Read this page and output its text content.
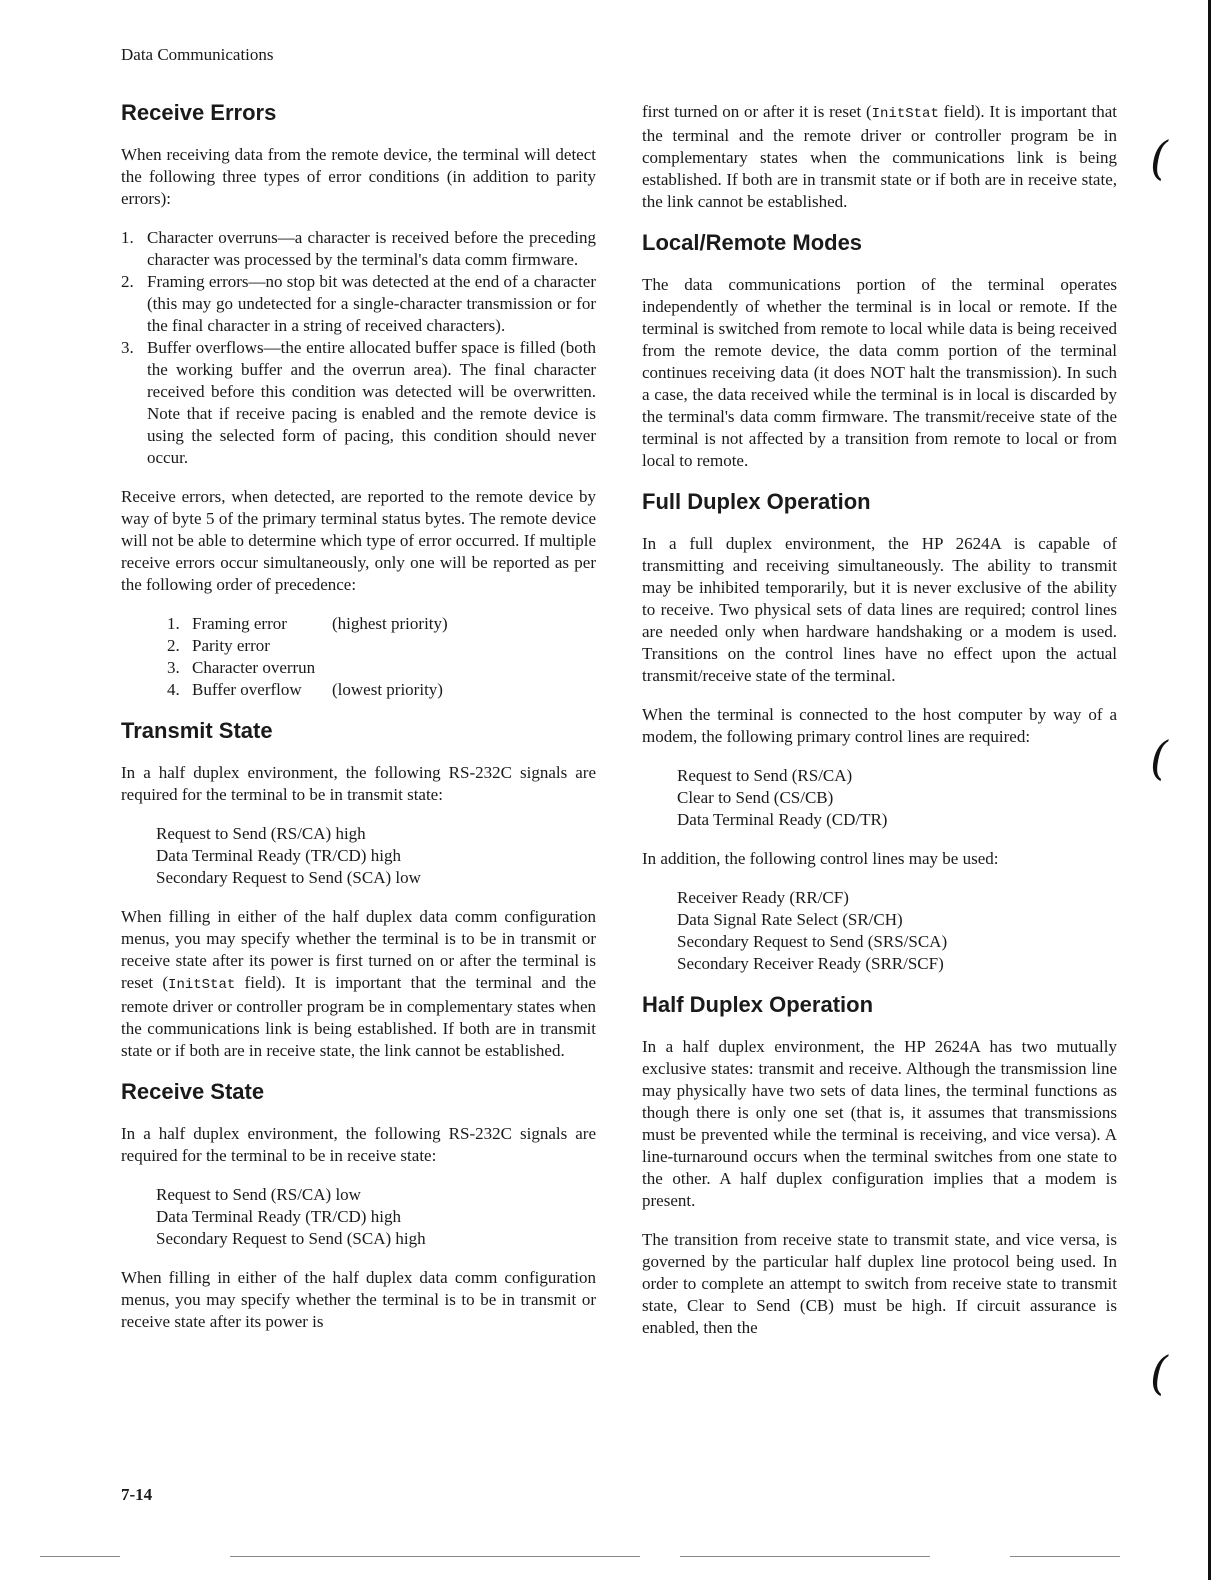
Data Communications
Receive Errors

When receiving data from the remote device, the terminal will detect the following three types of error conditions (in addition to parity errors):

1. Character overruns—a character is received before the preceding character was processed by the terminal's data comm firmware.
2. Framing errors—no stop bit was detected at the end of a character (this may go undetected for a single-character transmission or for the final character in a string of received characters).
3. Buffer overflows—the entire allocated buffer space is filled (both the working buffer and the overrun area). The final character received before this condition was detected will be overwritten. Note that if receive pacing is enabled and the remote device is using the selected form of pacing, this condition should never occur.

Receive errors, when detected, are reported to the remote device by way of byte 5 of the primary terminal status bytes. The remote device will not be able to determine which type of error occurred. If multiple receive errors occur simultaneously, only one will be reported as per the following order of precedence:

1. Framing error	(highest priority)
2. Parity error
3. Character overrun
4. Buffer overflow	(lowest priority)
Transmit State

In a half duplex environment, the following RS-232C signals are required for the terminal to be in transmit state:

Request to Send (RS/CA) high
Data Terminal Ready (TR/CD) high
Secondary Request to Send (SCA) low

When filling in either of the half duplex data comm configuration menus, you may specify whether the terminal is to be in transmit or receive state after its power is first turned on or after the terminal is reset (InitStat field). It is important that the terminal and the remote driver or controller program be in complementary states when the communications link is being established. If both are in transmit state or if both are in receive state, the link cannot be established.

Receive State

In a half duplex environment, the following RS-232C signals are required for the terminal to be in receive state:

Request to Send (RS/CA) low
Data Terminal Ready (TR/CD) high
Secondary Request to Send (SCA) high

When filling in either of the half duplex data comm configuration menus, you may specify whether the terminal is to be in transmit or receive state after its power is

first turned on or after it is reset (InitStat field). It is important that the terminal and the remote driver or controller program be in complementary states when the communications link is being established. If both are in transmit state or if both are in receive state, the link cannot be established.

Local/Remote Modes

The data communications portion of the terminal operates independently of whether the terminal is in local or remote. If the terminal is switched from remote to local while data is being received from the remote device, the data comm portion of the terminal continues receiving data (it does NOT halt the transmission). In such a case, the data received while the terminal is in local is discarded by the terminal's data comm firmware. The transmit/receive state of the terminal is not affected by a transition from remote to local or from local to remote.

Full Duplex Operation

In a full duplex environment, the HP 2624A is capable of transmitting and receiving simultaneously. The ability to transmit may be inhibited temporarily, but it is never exclusive of the ability to receive. Two physical sets of data lines are required; control lines are needed only when hardware handshaking or a modem is used. Transitions on the control lines have no effect upon the actual transmit/receive state of the terminal.

When the terminal is connected to the host computer by way of a modem, the following primary control lines are required:

Request to Send (RS/CA)
Clear to Send (CS/CB)
Data Terminal Ready (CD/TR)

In addition, the following control lines may be used:

Receiver Ready (RR/CF)
Data Signal Rate Select (SR/CH)
Secondary Request to Send (SRS/SCA)
Secondary Receiver Ready (SRR/SCF)
Half Duplex Operation

In a half duplex environment, the HP 2624A has two mutually exclusive states: transmit and receive. Although the transmission line may physically have two sets of data lines, the terminal functions as though there is only one set (that is, it assumes that transmissions must be prevented while the terminal is receiving, and vice versa). A line-turnaround occurs when the terminal switches from one state to the other. A half duplex configuration implies that a modem is present.

The transition from receive state to transmit state, and vice versa, is governed by the particular half duplex line protocol being used. In order to complete an attempt to switch from receive state to transmit state, Clear to Send (CB) must be high. If circuit assurance is enabled, then the

7-14
(
(
(
